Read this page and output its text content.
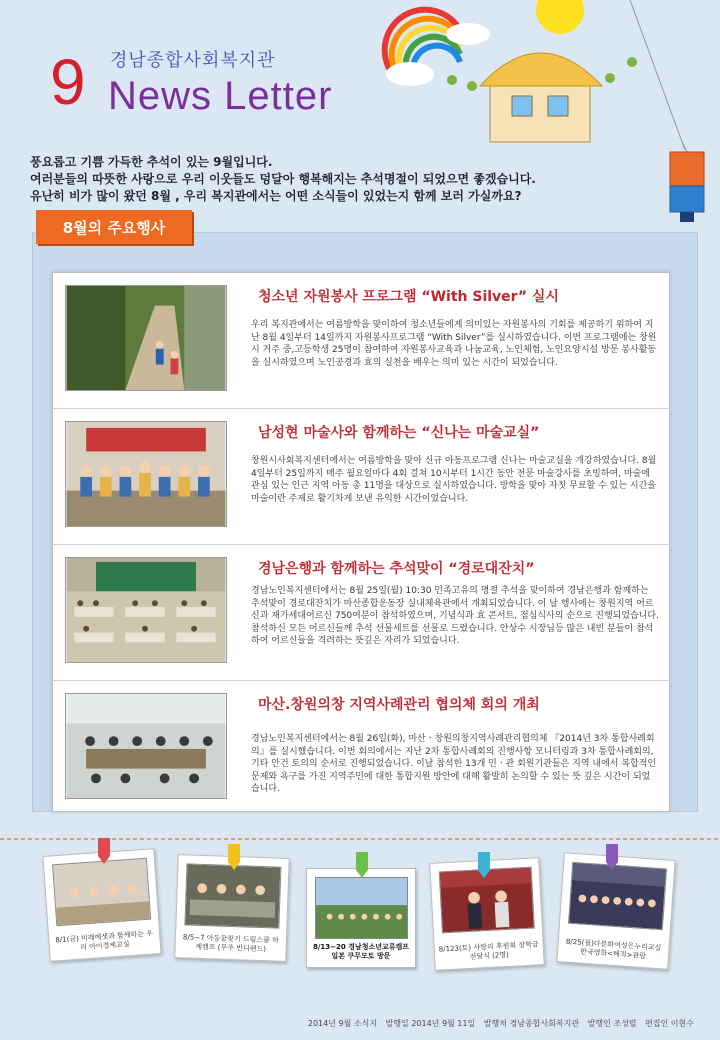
9 경남종합사회복지관
News Letter
풍요롭고 기쁨 가득한 추석이 있는 9월입니다.
여러분들의 따뜻한 사랑으로 우리 이웃들도 덩달아 행복해지는 추석명절이 되었으면 좋겠습니다.
유난히 비가 많이 왔던 8월 , 우리 복지관에서는 어떤 소식들이 있었는지 함께 보러 가실까요?
8월의 주요행사
청소년 자원봉사 프로그램 “With Silver” 실시
우리 복지관에서는 여름방학을 맞이하여 청소년들에게 의미있는 자원봉사의 기회를 제공하기 위하여 지난 8월 4일부터 14일까지 자원봉사프로그램 “With Silver”를 실시하였습니다. 이번 프로그램에는 창원시 거주 중,고등학생 25명이 참여하여 자원봉사교육과 나눔교육, 노인체험, 노인요양시설 방문 봉사활동을 실시하였으며 노인공경과 효의 실천을 배우는 의미 있는 시간이 되었습니다.
남성현 마술사와 함께하는 “신나는 마술교실”
창원시사회복지센터에서는 여름방학을 맞아 신규 아동프로그램 신나는 마술교실을 개강하였습니다. 8월 4일부터 25일까지 매주 월요일마다 4회 걸쳐 10시부터 1시간 동안 전문 마술강사를 초빙하여, 마술에 관심 있는 인근 지역 아동 총 11명을 대상으로 실시하였습니다. 방학을 맞아 자칫 무료할 수 있는 시간을 마술이란 주제로 활기차게 보낸 유익한 시간이었습니다.
경남은행과 함께하는 추석맞이 “경로대잔치”
경남노인복지센터에서는 8월 25일(월) 10:30 민족고유의 명절 추석을 맞이하여 경남은행과 함께하는 추석맞이 경로대잔치가 마산종합운동장 실내체육관에서 개최되었습니다. 이 날 행사에는 창원지역 어르신과 재가세대어르신 750여분이 참석하였으며, 기념식과 효 콘서트, 점심식사의 순으로 진행되었습니다. 참석하신 모든 어르신들께 추석 선물세트를 선물로 드렸습니다. 안상수 시장님등 많은 내빈 분들이 참석하여 어르신들을 격려하는 뜻깊은 자리가 되었습니다.
마산.창원의창 지역사례관리 협의체 회의 개최
경남노인복지센터에서는 8월 26일(화), 마산ㆍ창원의창지역사례관리협의체 『2014년 3차 통합사례회의』를 실시했습니다. 이번 회의에서는 지난 2차 통합사례회의 진행사항 모니터링과 3차 통합사례회의, 기타 안건 토의의 순서로 진행되었습니다. 이날 참석한 13개 민ㆍ관 회원기관들은 지역 내에서 복합적인 문제와 욕구를 가진 지역주민에 대한 통합지원 방안에 대해 활발히 논의할 수 있는 뜻 깊은 시간이 되었습니다.
8/1(금) 미래에셋과 함께하는 우리 아이경제교실
8/5~7 아동꿈찾기 드림스쿨 하계캠프 (무주 반디랜드)	8/13~20 경남청소년교류캠프 일본 쿠무모토 방문
8/123(토) 사랑의 후원회 장학금 전달식 (2명)
8/25(월)다문화여성은누리교실 한국영화<해적>관람
2014년 9월 소식지 발행일 2014년 9월 11일 발행처 경남종합사회복지관 발행인 조성렬 편집인 이현수
